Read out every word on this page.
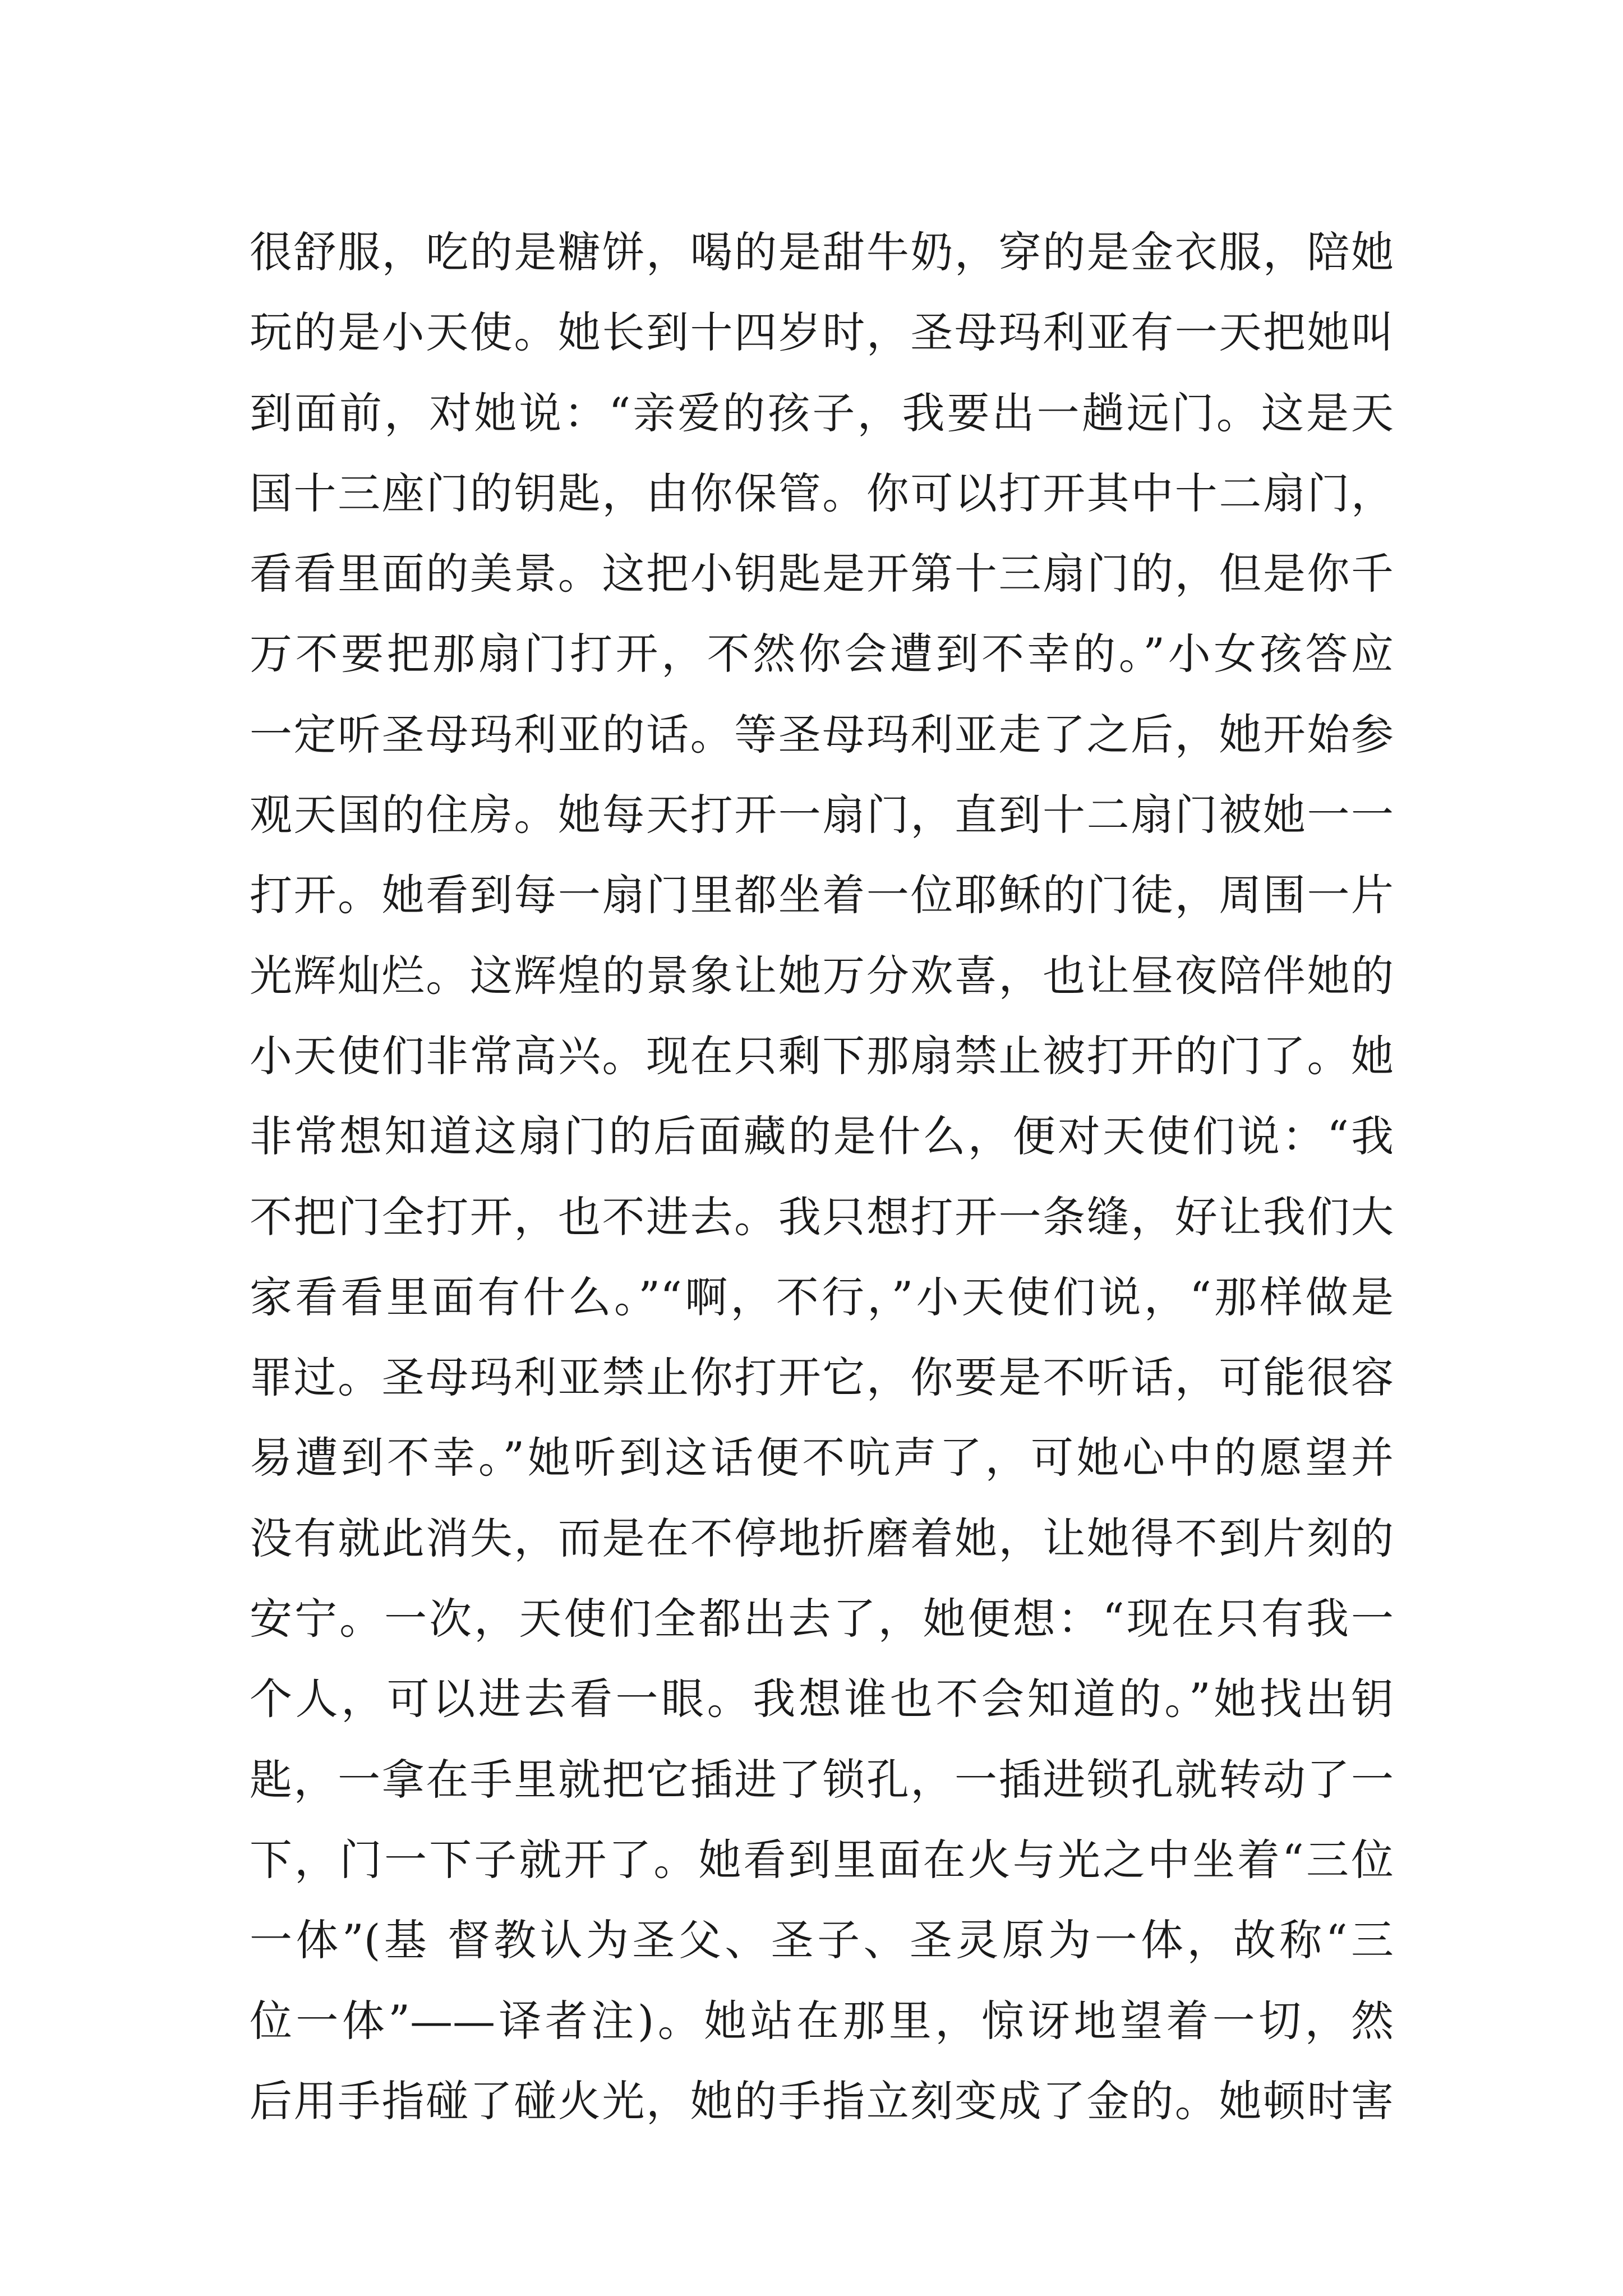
很舒服，吃的是糖饼，喝的是甜牛奶，穿的是金衣服，陪她
玩的是小天使。她长到十四岁时，圣母玛利亚有一天把她叫
到面前，对她说：“亲爱的孩子，我要出一趟远门。这是天
国十三座门的钥匙，由你保管。你可以打开其中十二扇门，
看看里面的美景。这把小钥匙是开第十三扇门的，但是你千
万不要把那扇门打开，不然你会遭到不幸的。”小女孩答应
一定听圣母玛利亚的话。等圣母玛利亚走了之后，她开始参
观天国的住房。她每天打开一扇门，直到十二扇门被她一一
打开。她看到每一扇门里都坐着一位耶稣的门徒，周围一片
光辉灿烂。这辉煌的景象让她万分欢喜，也让昼夜陪伴她的
小天使们非常高兴。现在只剩下那扇禁止被打开的门了。她
非常想知道这扇门的后面藏的是什么，便对天使们说：“我
不把门全打开，也不进去。我只想打开一条缝，好让我们大
家看看里面有什么。”“啊，不行，”小天使们说，“那样做是
罪过。圣母玛利亚禁止你打开它，你要是不听话，可能很容
易遭到不幸。”她听到这话便不吭声了，可她心中的愿望并
没有就此消失，而是在不停地折磨着她，让她得不到片刻的
安宁。一次，天使们全都出去了，她便想：“现在只有我一
个人，可以进去看一眼。我想谁也不会知道的。”她找出钥
匙，一拿在手里就把它插进了锁孔，一插进锁孔就转动了一
下，门一下子就开了。她看到里面在火与光之中坐着“三位
一体”(基 督教认为圣父、圣子、圣灵原为一体，故称“三
位一体”——译者注)。她站在那里，惊讶地望着一切，然
后用手指碰了碰火光，她的手指立刻变成了金的。她顿时害
